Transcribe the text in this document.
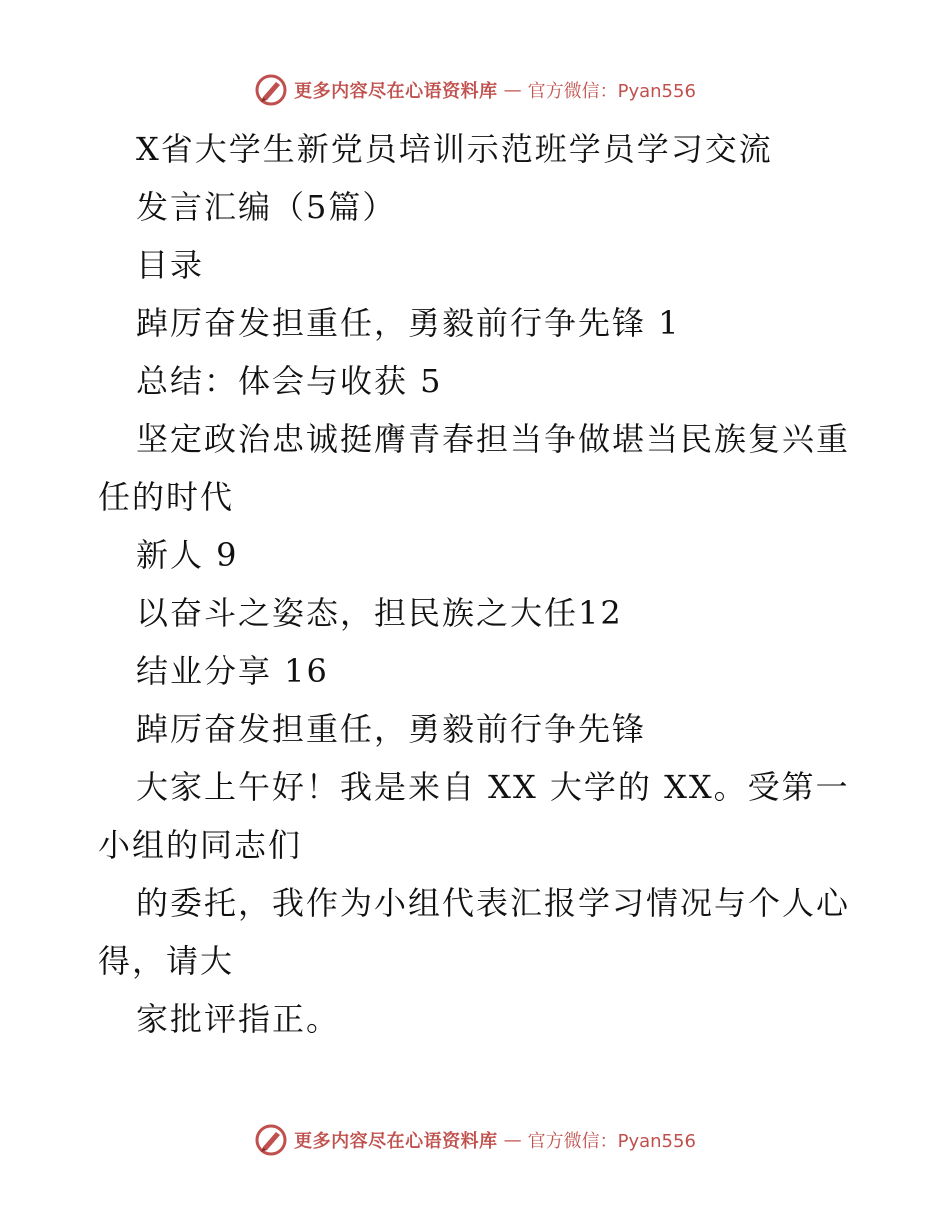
更多内容尽在心语资料库 — 官方微信：Pyan556
X省大学生新党员培训示范班学员学习交流
发言汇编（5篇）
目录
踔厉奋发担重任，勇毅前行争先锋 1
总结：体会与收获 5
坚定政治忠诚挺膺青春担当争做堪当民族复兴重
任的时代
新人 9
以奋斗之姿态，担民族之大任12
结业分享 16
踔厉奋发担重任，勇毅前行争先锋
大家上午好！我是来自 XX 大学的 XX。受第一
小组的同志们
的委托，我作为小组代表汇报学习情况与个人心
得，请大
家批评指正。
更多内容尽在心语资料库 — 官方微信：Pyan556
